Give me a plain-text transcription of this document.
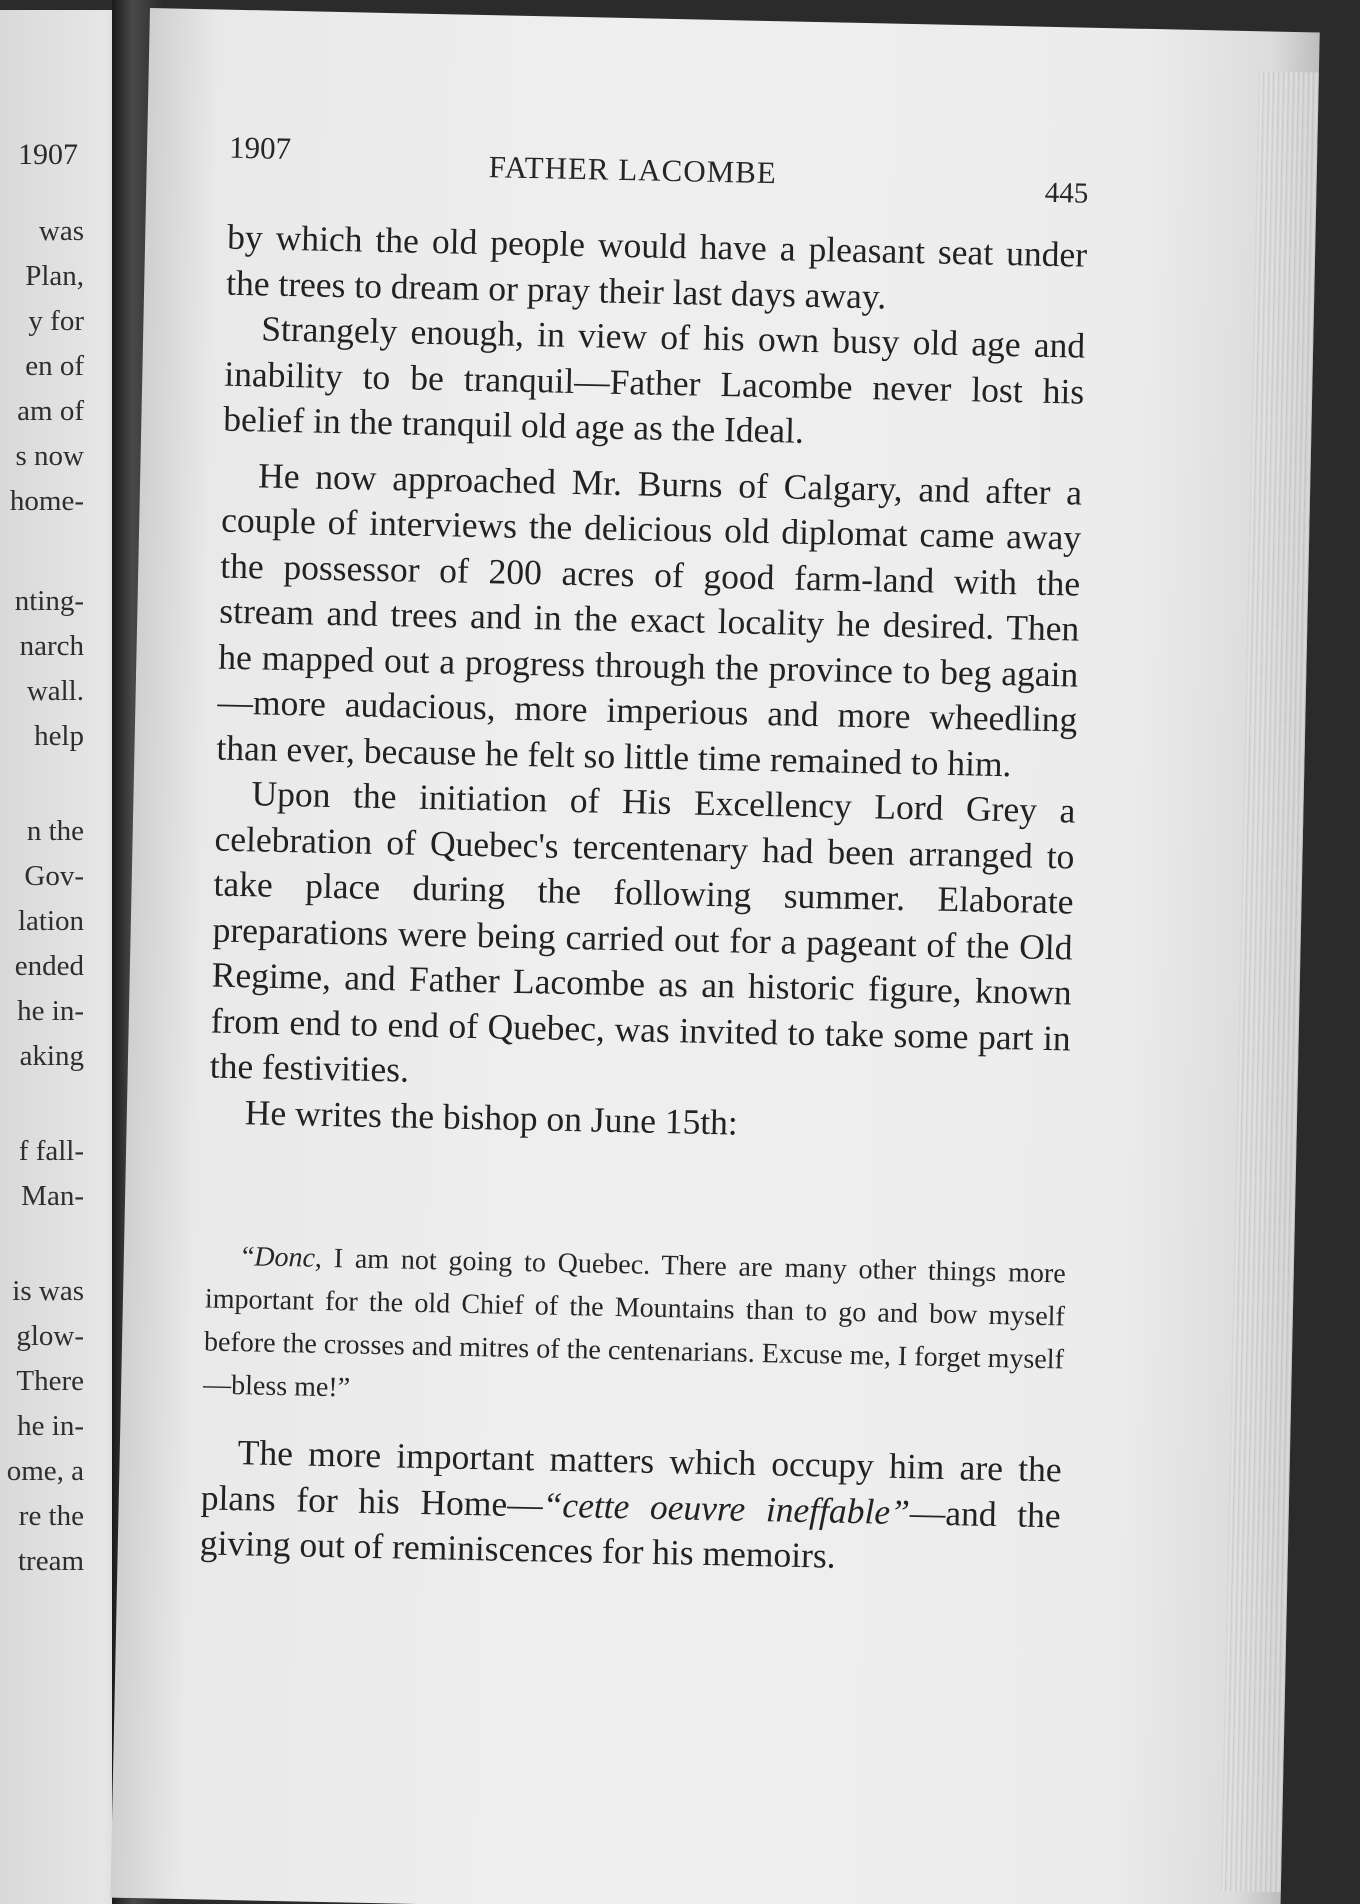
1907
was
Plan,
y for
en of
am of
s now
home-
nting-
narch
wall.
help
n the
Gov-
lation
ended
he in-
aking
f fall-
Man-
is was
glow-
There
he in-
ome, a
re the
tream
1907
FATHER LACOMBE
445

by which the old people would have a pleasant seat under the trees to dream or pray their last days away.

Strangely enough, in view of his own busy old age and inability to be tranquil—Father Lacombe never lost his belief in the tranquil old age as the Ideal.

He now approached Mr. Burns of Calgary, and after a couple of interviews the delicious old diplomat came away the possessor of 200 acres of good farm-land with the stream and trees and in the exact locality he desired. Then he mapped out a progress through the province to beg again—more audacious, more imperious and more wheedling than ever, because he felt so little time remained to him.

Upon the initiation of His Excellency Lord Grey a celebration of Quebec's tercentenary had been arranged to take place during the following summer. Elaborate preparations were being carried out for a pageant of the Old Regime, and Father Lacombe as an historic figure, known from end to end of Quebec, was invited to take some part in the festivities.

He writes the bishop on June 15th:

“Donc, I am not going to Quebec. There are many other things more important for the old Chief of the Mountains than to go and bow myself before the crosses and mitres of the centenarians. Excuse me, I forget myself—bless me!”

The more important matters which occupy him are the plans for his Home—“cette oeuvre ineffable”—and the giving out of reminiscences for his memoirs.
